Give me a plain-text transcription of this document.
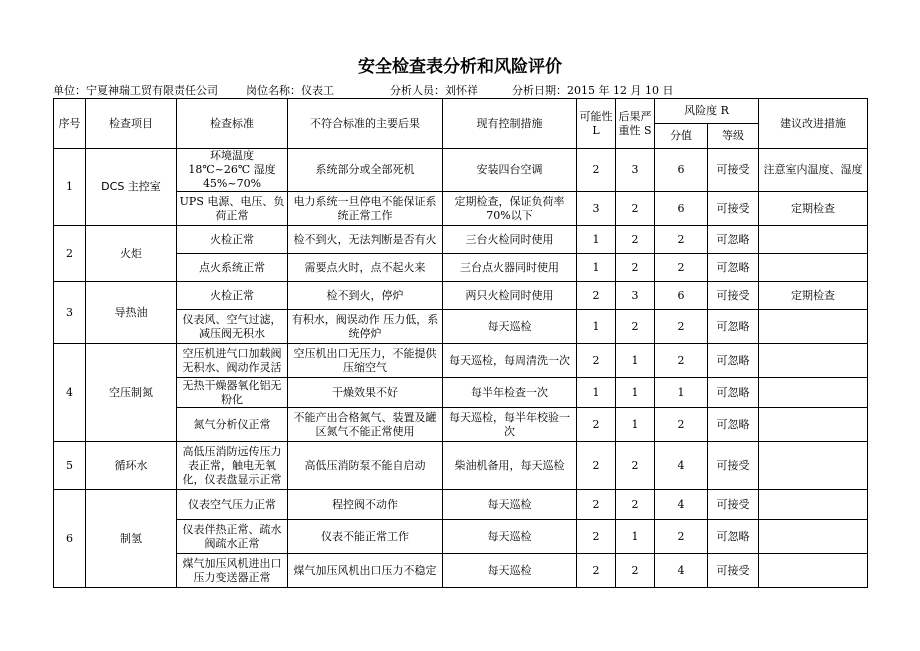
安全检查表分析和风险评价
单位：宁夏神瑞工贸有限责任公司	岗位名称：仪表工	分析人员：刘怀祥	分析日期：2015 年 12 月 10 日
序号	检查项目	检查标准	不符合标准的主要后果	现有控制措施	可能性 L	后果严重性 S	风险度 R		建议改进措施
							分值	等级	
1	DCS 主控室	环境温度 18℃~26℃ 湿度 45%~70%	系统部分或全部死机	安装四台空调	2	3	6	可接受	注意室内温度、湿度
		UPS 电源、电压、负荷正常	电力系统一旦停电不能保证系统正常工作	定期检查，保证负荷率 70%以下	3	2	6	可接受	定期检查
2	火炬	火检正常	检不到火，无法判断是否有火	三台火检同时使用	1	2	2	可忽略	
		点火系统正常	需要点火时，点不起火来	三台点火器同时使用	1	2	2	可忽略	
3	导热油	火检正常	检不到火，停炉	两只火检同时使用	2	3	6	可接受	定期检查
		仪表风、空气过滤，减压阀无积水	有积水，阀误动作 压力低，系统停炉	每天巡检	1	2	2	可忽略	
4	空压制氮	空压机进气口加载阀无积水、阀动作灵活	空压机出口无压力，不能提供压缩空气	每天巡检，每周清洗一次	2	1	2	可忽略	
		无热干燥器氧化铝无粉化	干燥效果不好	每半年检查一次	1	1	1	可忽略	
		氮气分析仪正常	不能产出合格氮气、装置及罐区氮气不能正常使用	每天巡检，每半年校验一次	2	1	2	可忽略	
5	循环水	高低压消防远传压力表正常，触电无氧化，仪表盘显示正常	高低压消防泵不能自启动	柴油机备用，每天巡检	2	2	4	可接受	
6	制氢	仪表空气压力正常	程控阀不动作	每天巡检	2	2	4	可接受	
		仪表伴热正常、疏水阀疏水正常	仪表不能正常工作	每天巡检	2	1	2	可忽略	
		煤气加压风机进出口压力变送器正常	煤气加压风机出口压力不稳定	每天巡检	2	2	4	可接受	
